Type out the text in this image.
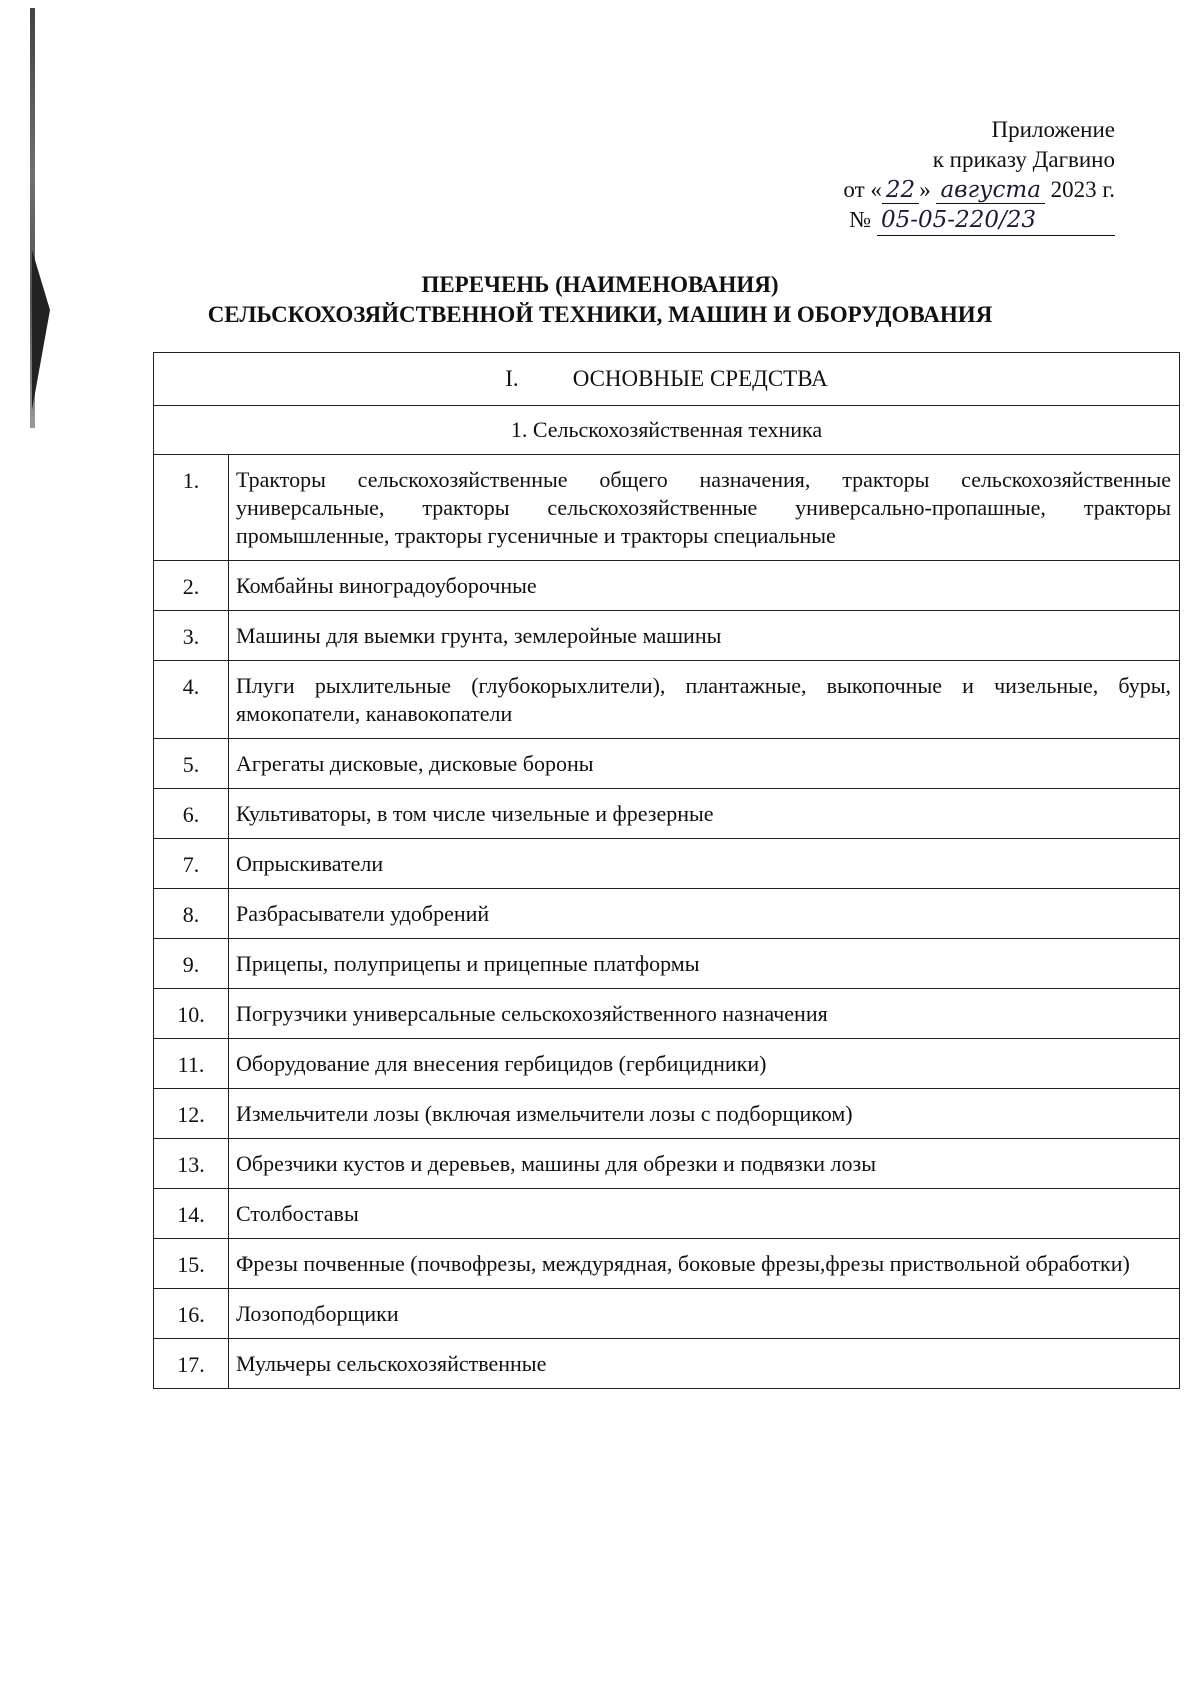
Приложение
к приказу Дагвино
от « 22 » августа 2023 г.
№ 05-05-220/23
ПЕРЕЧЕНЬ (НАИМЕНОВАНИЯ)
СЕЛЬСКОХОЗЯЙСТВЕННОЙ ТЕХНИКИ, МАШИН И ОБОРУДОВАНИЯ
I. ОСНОВНЫЕ СРЕДСТВА	
1. Сельскохозяйственная техника	
1.	Тракторы сельскохозяйственные общего назначения, тракторы сельскохозяйственные универсальные, тракторы сельскохозяйственные универсально-пропашные, тракторы промышленные, тракторы гусеничные и тракторы специальные
2.	Комбайны виноградоуборочные
3.	Машины для выемки грунта, землеройные машины
4.	Плуги рыхлительные (глубокорыхлители), плантажные, выкопочные и чизельные, буры, ямокопатели, канавокопатели
5.	Агрегаты дисковые, дисковые бороны
6.	Культиваторы, в том числе чизельные и фрезерные
7.	Опрыскиватели
8.	Разбрасыватели удобрений
9.	Прицепы, полуприцепы и прицепные платформы
10.	Погрузчики универсальные сельскохозяйственного назначения
11.	Оборудование для внесения гербицидов (гербицидники)
12.	Измельчители лозы (включая измельчители лозы с подборщиком)
13.	Обрезчики кустов и деревьев, машины для обрезки и подвязки лозы
14.	Столбоставы
15.	Фрезы почвенные (почвофрезы, междурядная, боковые фрезы,фрезы приствольной обработки)
16.	Лозоподборщики
17.	Мульчеры сельскохозяйственные
